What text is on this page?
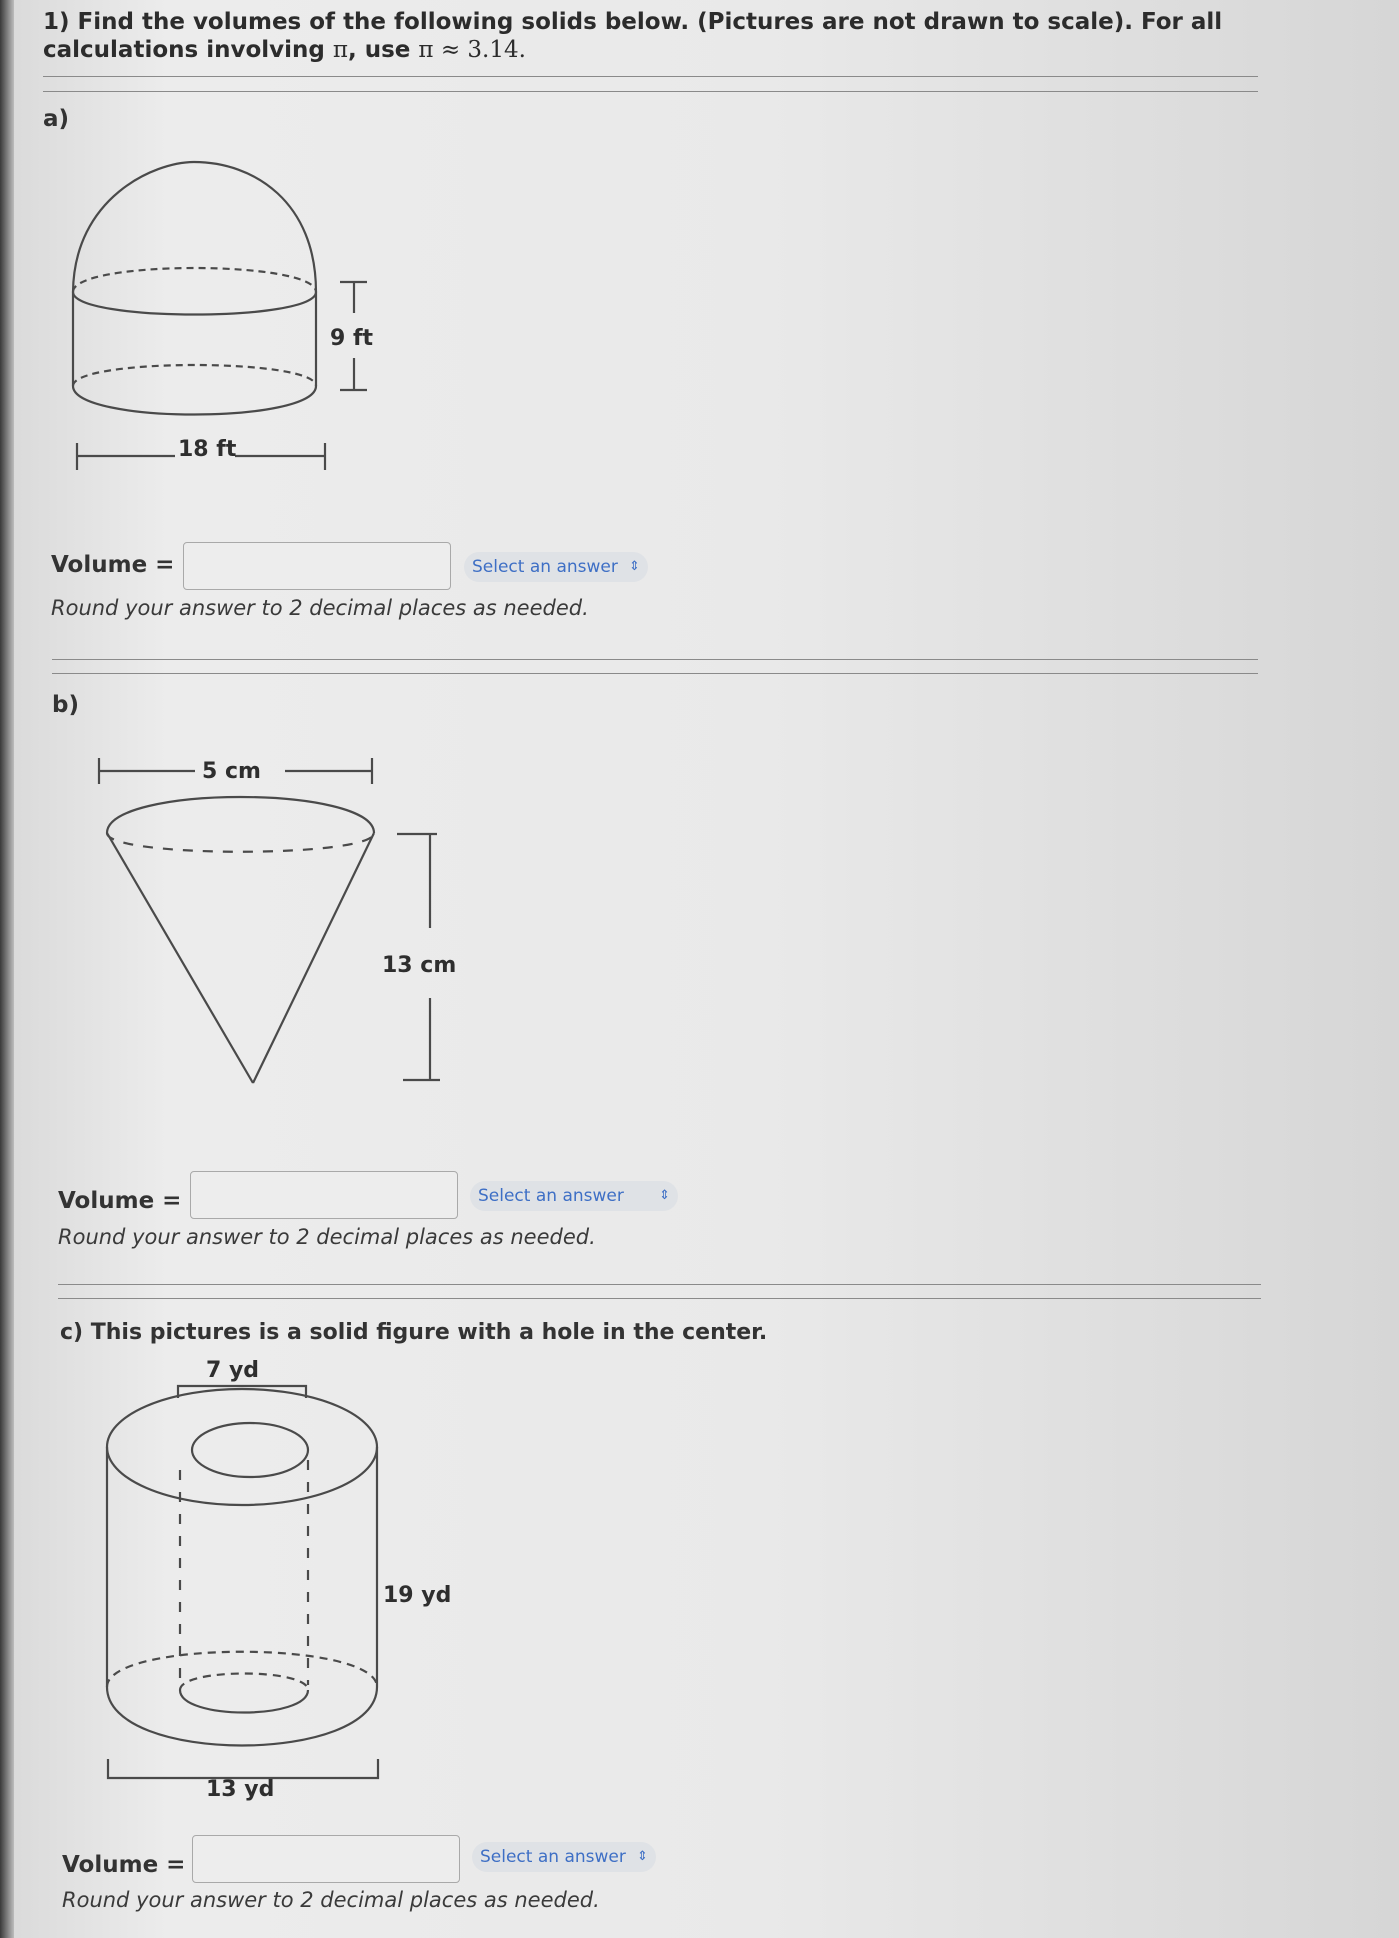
1) Find the volumes of the following solids below. (Pictures are not drawn to scale). For all
calculations involving π, use π ≈ 3.14.
a)
9 ft
18 ft
Volume =	Select an answer ⇕
Round your answer to 2 decimal places as needed.
b)
5 cm
13 cm
Volume =	Select an answer	⇕
Round your answer to 2 decimal places as needed.
c) This pictures is a solid figure with a hole in the center.
7 yd
19 yd
13 yd
Volume =	Select an answer ⇕
Round your answer to 2 decimal places as needed.
